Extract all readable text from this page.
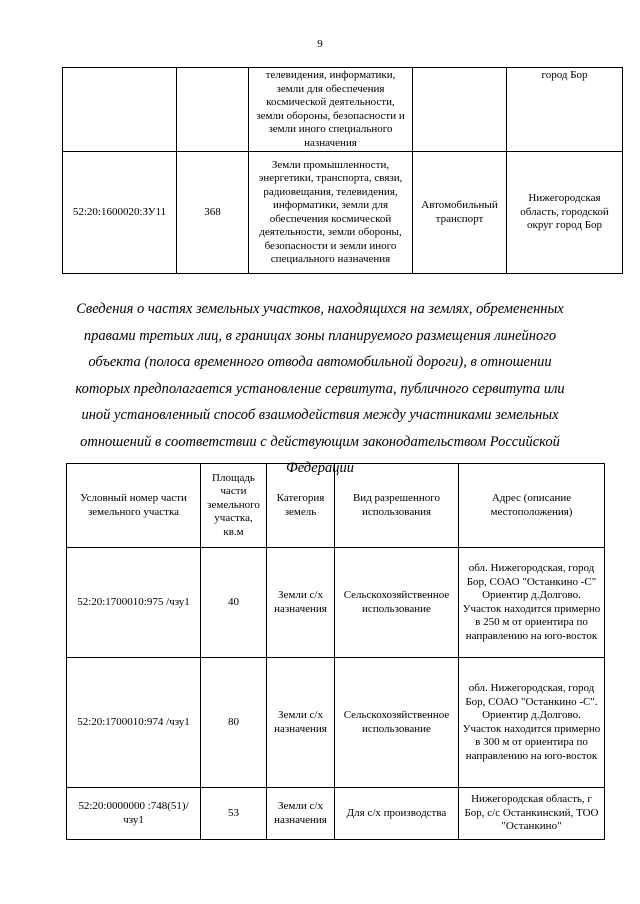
9
		телевидения, информатики, земли для обеспечения космической деятельности, земли обороны, безопасности и земли иного специального назначения		город Бор
52:20:1600020:ЗУ11	368	Земли промышленности, энергетики, транспорта, связи, радиовещания, телевидения, информатики, земли для обеспечения космической деятельности, земли обороны, безопасности и земли иного специального назначения	Автомобильный транспорт	Нижегородская область, городской округ город Бор
Сведения о частях земельных участков, находящихся на землях, обремененных правами третьих лиц, в границах зоны планируемого размещения линейного объекта (полоса временного отвода автомобильной дороги), в отношении которых предполагается установление сервитута, публичного сервитута или иной установленный способ взаимодействия между участниками земельных отношений в соответствии с действующим законодательством Российской Федерации
Условный номер части земельного участка	Площадь части земельного участка, кв.м	Категория земель	Вид разрешенного использования	Адрес (описание местоположения)
52:20:1700010:975 /чзу1	40	Земли с/х назначения	Сельскохозяйственное использование	обл. Нижегородская, город Бор, СОАО "Останкино -С" Ориентир д.Долгово. Участок находится примерно в 250 м от ориентира по направлению на юго-восток
52:20:1700010:974 /чзу1	80	Земли с/х назначения	Сельскохозяйственное использование	обл. Нижегородская, город Бор, СОАО "Останкино -С". Ориентир д.Долгово. Участок находится примерно в 300 м от ориентира по направлению на юго-восток
52:20:0000000 :748(51)/чзу1	53	Земли с/х назначения	Для с/х производства	Нижегородская область, г Бор, с/с Останкинский, ТОО "Останкино"
